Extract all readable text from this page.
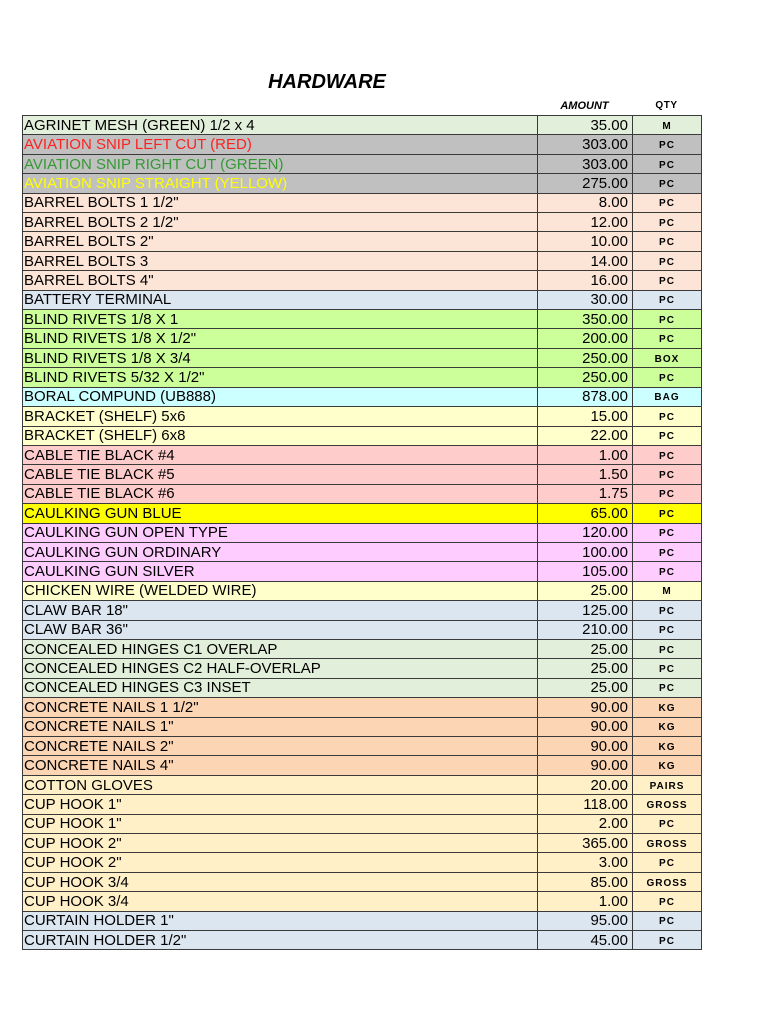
HARDWARE
AMOUNT	QTY
AGRINET MESH (GREEN) 1/2 x 4	35.00	M
AVIATION SNIP LEFT CUT (RED)	303.00	PC
AVIATION SNIP RIGHT CUT (GREEN)	303.00	PC
AVIATION SNIP STRAIGHT (YELLOW)	275.00	PC
BARREL BOLTS 1 1/2"	8.00	PC
BARREL BOLTS 2 1/2"	12.00	PC
BARREL BOLTS 2"	10.00	PC
BARREL BOLTS 3	14.00	PC
BARREL BOLTS 4"	16.00	PC
BATTERY TERMINAL	30.00	PC
BLIND RIVETS 1/8 X 1	350.00	PC
BLIND RIVETS 1/8 X 1/2"	200.00	PC
BLIND RIVETS 1/8 X 3/4	250.00	BOX
BLIND RIVETS 5/32 X 1/2"	250.00	PC
BORAL COMPUND (UB888)	878.00	BAG
BRACKET (SHELF) 5x6	15.00	PC
BRACKET (SHELF) 6x8	22.00	PC
CABLE TIE BLACK #4	1.00	PC
CABLE TIE BLACK #5	1.50	PC
CABLE TIE BLACK #6	1.75	PC
CAULKING GUN BLUE	65.00	PC
CAULKING GUN OPEN TYPE	120.00	PC
CAULKING GUN ORDINARY	100.00	PC
CAULKING GUN SILVER	105.00	PC
CHICKEN WIRE (WELDED WIRE)	25.00	M
CLAW BAR 18"	125.00	PC
CLAW BAR 36"	210.00	PC
CONCEALED HINGES C1 OVERLAP	25.00	PC
CONCEALED HINGES C2 HALF-OVERLAP	25.00	PC
CONCEALED HINGES C3 INSET	25.00	PC
CONCRETE NAILS 1 1/2"	90.00	KG
CONCRETE NAILS 1"	90.00	KG
CONCRETE NAILS 2"	90.00	KG
CONCRETE NAILS 4"	90.00	KG
COTTON GLOVES	20.00	PAIRS
CUP HOOK 1"	118.00	GROSS
CUP HOOK 1"	2.00	PC
CUP HOOK 2"	365.00	GROSS
CUP HOOK 2"	3.00	PC
CUP HOOK 3/4	85.00	GROSS
CUP HOOK 3/4	1.00	PC
CURTAIN HOLDER 1"	95.00	PC
CURTAIN HOLDER 1/2"	45.00	PC
